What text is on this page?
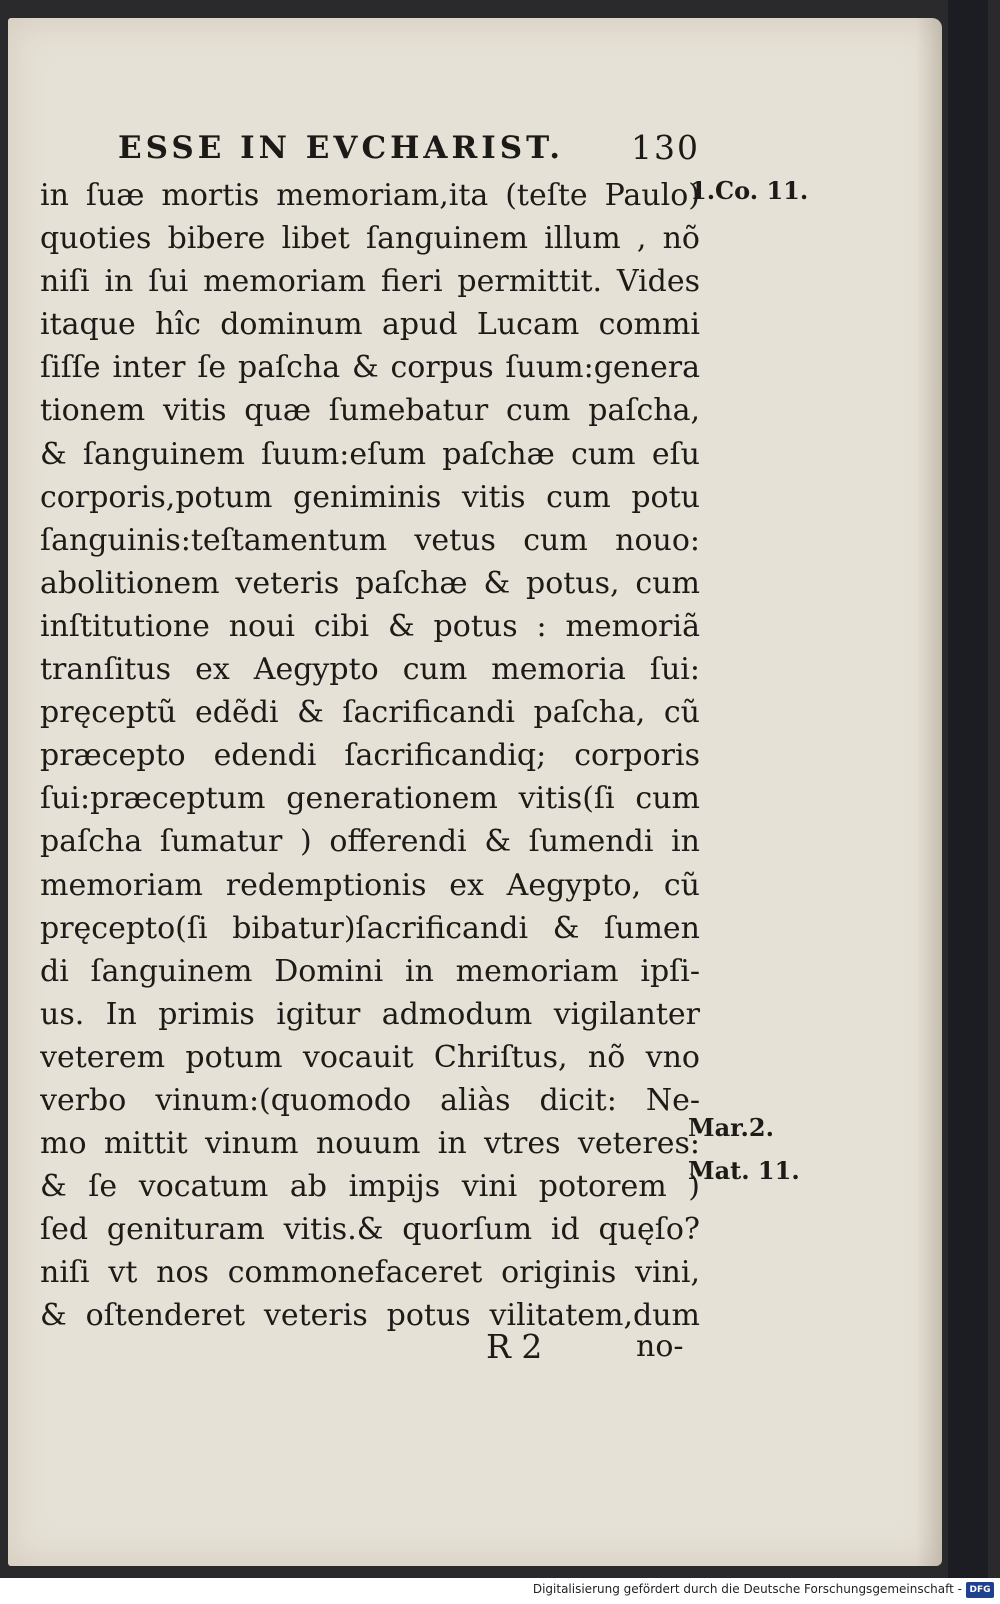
ESSE IN EVCHARIST. 130
in ſuæ mortis memoriam,ita (teſte Paulo)
quoties bibere libet ſanguinem illum , nõ
niſi in ſui memoriam fieri permittit. Vides
itaque hîc dominum apud Lucam commi
ſiſſe inter ſe paſcha & corpus ſuum:genera
tionem vitis quæ ſumebatur cum paſcha,
& ſanguinem ſuum:eſum paſchæ cum eſu
corporis,potum geniminis vitis cum potu
ſanguinis:teſtamentum vetus cum nouo:
abolitionem veteris paſchæ & potus, cum
inſtitutione noui cibi & potus : memoriã
tranſitus ex Aegypto cum memoria ſui:
pręceptũ edẽdi & ſacrificandi paſcha, cũ
præcepto edendi ſacrificandiq; corporis
ſui:præceptum generationem vitis(ſi cum
paſcha ſumatur ) offerendi & ſumendi in
memoriam redemptionis ex Aegypto, cũ
pręcepto(ſi bibatur)ſacrificandi & ſumen
di ſanguinem Domini in memoriam ipſi-
us. In primis igitur admodum vigilanter
veterem potum vocauit Chriſtus, nõ vno
verbo vinum:(quomodo aliàs dicit: Ne-
mo mittit vinum nouum in vtres veteres:
& ſe vocatum ab impijs vini potorem )
ſed genituram vitis.& quorſum id quęſo?
niſi vt nos commonefaceret originis vini,
& oſtenderet veteris potus vilitatem,dum
1.Co. 11.
Mar.2.
Mat. 11.
R 2	no-
Digitalisierung gefördert durch die Deutsche Forschungsgemeinschaft - DFG
